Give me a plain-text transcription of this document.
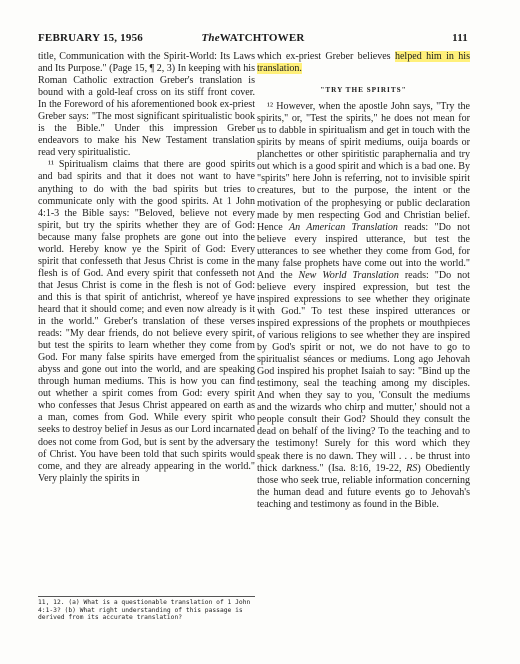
FEBRUARY 15, 1956	TheWATCHTOWER	111

title, Communication with the Spirit-World: Its Laws and Its Purpose." (Page 15, ¶ 2, 3) In keeping with his Roman Catholic extraction Greber's translation is bound with a gold-leaf cross on its stiff front cover. In the Foreword of his aforementioned book ex-priest Greber says: "The most significant spiritualistic book is the Bible." Under this impression Greber endeavors to make his New Testament translation read very spiritualistic.

¹¹ Spiritualism claims that there are good spirits and bad spirits and that it does not want to have anything to do with the bad spirits but tries to communicate only with the good spirits. At 1 John 4:1-3 the Bible says: "Beloved, believe not every spirit, but try the spirits whether they are of God: because many false prophets are gone out into the world. Hereby know ye the Spirit of God: Every spirit that confesseth that Jesus Christ is come in the flesh is of God. And every spirit that confesseth not that Jesus Christ is come in the flesh is not of God: and this is that spirit of antichrist, whereof ye have heard that it should come; and even now already is it in the world." Greber's translation of these verses reads: "My dear friends, do not believe every spirit, but test the spirits to learn whether they come from God. For many false spirits have emerged from the abyss and gone out into the world, and are speaking through human mediums. This is how you can find out whether a spirit comes from God: every spirit who confesses that Jesus Christ appeared on earth as a man, comes from God. While every spirit who seeks to destroy belief in Jesus as our Lord incarnated does not come from God, but is sent by the adversary of Christ. You have been told that such spirits would come, and they are already appearing in the world." Very plainly the spirits in

which ex-priest Greber believes helped him in his translation.

"TRY THE SPIRITS"

¹² However, when the apostle John says, "Try the spirits," or, "Test the spirits," he does not mean for us to dabble in spiritualism and get in touch with the spirits by means of spirit mediums, ouija boards or planchettes or other spiritistic paraphernalia and try out which is a good spirit and which is a bad one. By "spirits" here John is referring, not to invisible spirit creatures, but to the purpose, the intent or the motivation of the prophesying or public declaration made by men respecting God and Christian belief. Hence An American Translation reads: "Do not believe every inspired utterance, but test the utterances to see whether they come from God, for many false prophets have come out into the world." And the New World Translation reads: "Do not believe every inspired expression, but test the inspired expressions to see whether they originate with God." To test these inspired utterances or inspired expressions of the prophets or mouthpieces of various religions to see whether they are inspired by God's spirit or not, we do not have to go to spiritualist séances or mediums. Long ago Jehovah God inspired his prophet Isaiah to say: "Bind up the testimony, seal the teaching among my disciples. And when they say to you, 'Consult the mediums and the wizards who chirp and mutter,' should not a people consult their God? Should they consult the dead on behalf of the living? To the teaching and to the testimony! Surely for this word which they speak there is no dawn. They will . . . be thrust into thick darkness." (Isa. 8:16, 19-22, RS) Obediently those who seek true, reliable information concerning the human dead and future events go to Jehovah's teaching and testimony as found in the Bible.

11, 12. (a) What is a questionable translation of 1 John 4:1-3? (b) What right understanding of this passage is derived from its accurate translation?
